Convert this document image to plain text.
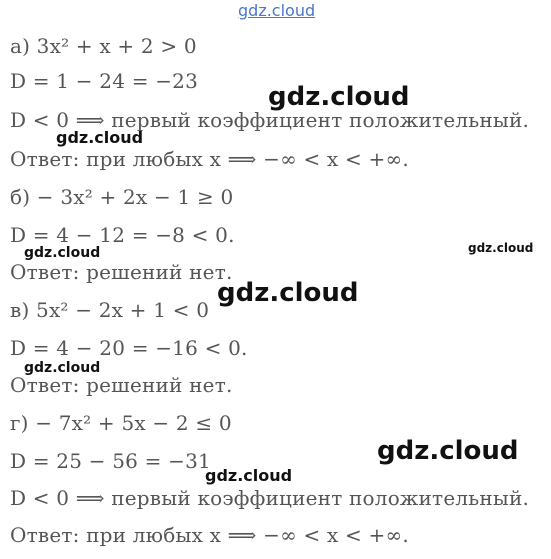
gdz.cloud
а) 3x² + x + 2 > 0
D = 1 − 24 = −23
D < 0 ⟹ первый коэффициент положительный.
Ответ: при любых x ⟹ −∞ < x < +∞.
б) − 3x² + 2x − 1 ≥ 0
D = 4 − 12 = −8 < 0.
Ответ: решений нет.
в) 5x² − 2x + 1 < 0
D = 4 − 20 = −16 < 0.
Ответ: решений нет.
г) − 7x² + 5x − 2 ≤ 0
D = 25 − 56 = −31
D < 0 ⟹ первый коэффициент положительный.
Ответ: при любых x ⟹ −∞ < x < +∞.
gdz.cloud
gdz.cloud
gdz.cloud	gdz.cloud
gdz.cloud
gdz.cloud
gdz.cloud
gdz.cloud
